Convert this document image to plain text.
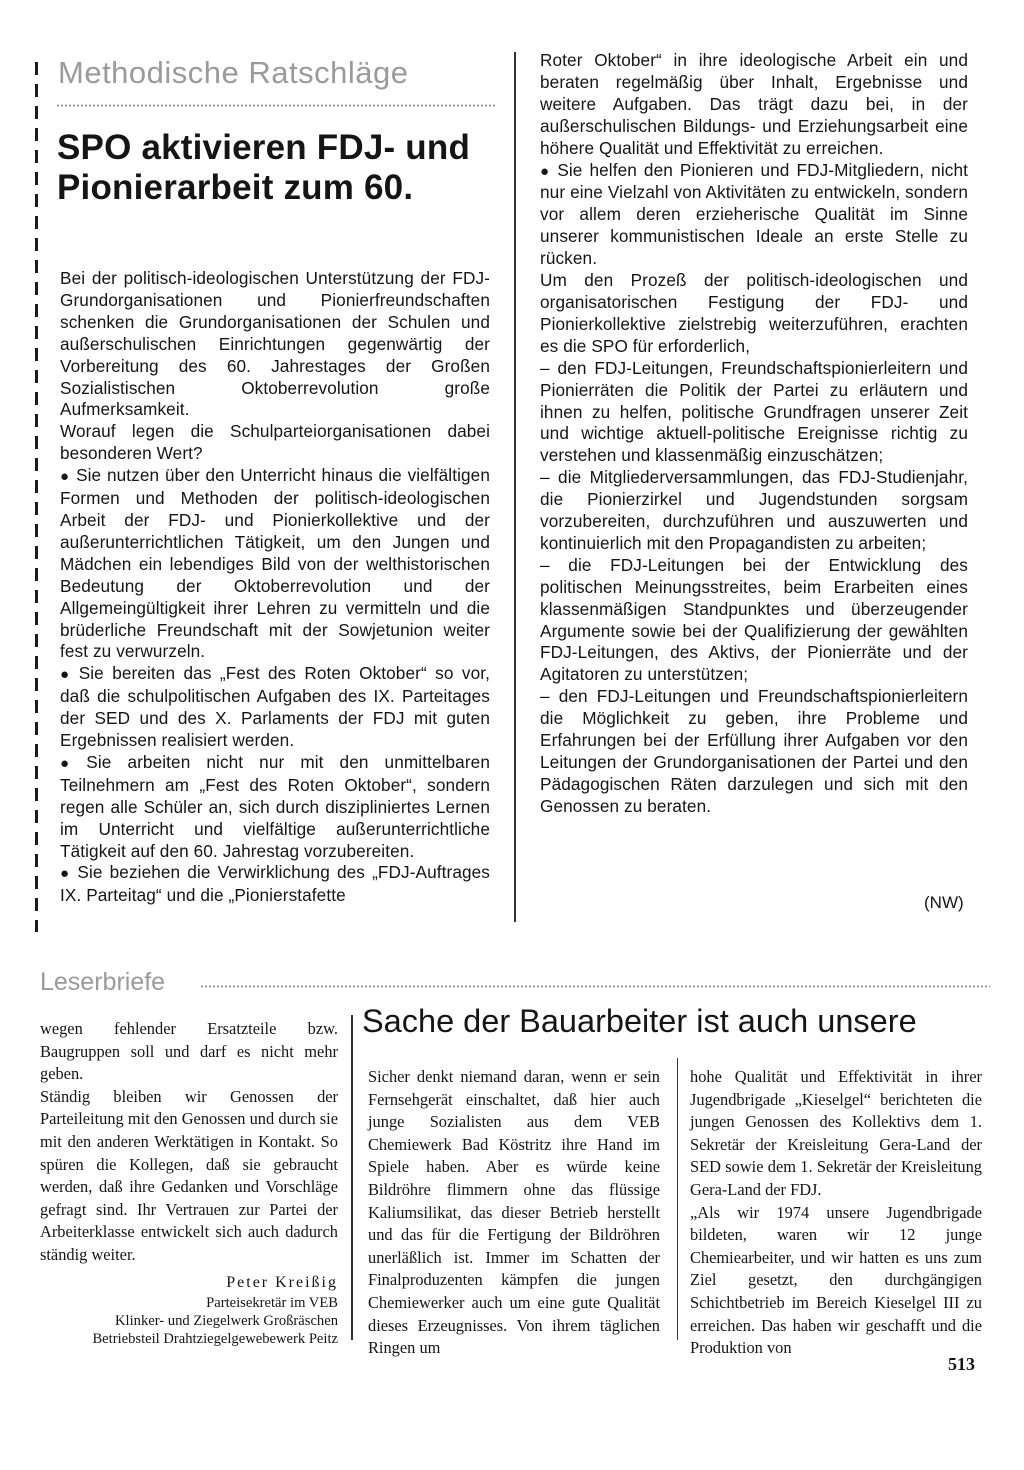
Methodische Ratschläge
SPO aktivieren FDJ- und
Pionierarbeit zum 60.

Bei der politisch-ideologischen Unterstützung der FDJ-Grundorganisationen und Pionierfreundschaften schenken die Grundorganisationen der Schulen und außerschulischen Einrichtungen gegenwärtig der Vorbereitung des 60. Jahrestages der Großen Sozialistischen Oktoberrevolution große Aufmerksamkeit.

Worauf legen die Schulparteiorganisationen dabei besonderen Wert?

● Sie nutzen über den Unterricht hinaus die vielfältigen Formen und Methoden der politisch-ideologischen Arbeit der FDJ- und Pionierkollektive und der außerunterrichtlichen Tätigkeit, um den Jungen und Mädchen ein lebendiges Bild von der welthistorischen Bedeutung der Oktoberrevolution und der Allgemeingültigkeit ihrer Lehren zu vermitteln und die brüderliche Freundschaft mit der Sowjetunion weiter fest zu verwurzeln.

● Sie bereiten das „Fest des Roten Oktober“ so vor, daß die schulpolitischen Aufgaben des IX. Parteitages der SED und des X. Parlaments der FDJ mit guten Ergebnissen realisiert werden.

● Sie arbeiten nicht nur mit den unmittelbaren Teilnehmern am „Fest des Roten Oktober“, sondern regen alle Schüler an, sich durch diszipliniertes Lernen im Unterricht und vielfältige außerunterrichtliche Tätigkeit auf den 60. Jahrestag vorzubereiten.

● Sie beziehen die Verwirklichung des „FDJ-Auftrages IX. Parteitag“ und die „Pionierstafette

Roter Oktober“ in ihre ideologische Arbeit ein und beraten regelmäßig über Inhalt, Ergebnisse und weitere Aufgaben. Das trägt dazu bei, in der außerschulischen Bildungs- und Erziehungsarbeit eine höhere Qualität und Effektivität zu erreichen.

● Sie helfen den Pionieren und FDJ-Mitgliedern, nicht nur eine Vielzahl von Aktivitäten zu entwickeln, sondern vor allem deren erzieherische Qualität im Sinne unserer kommunistischen Ideale an erste Stelle zu rücken.

Um den Prozeß der politisch-ideologischen und organisatorischen Festigung der FDJ- und Pionierkollektive zielstrebig weiterzuführen, erachten es die SPO für erforderlich,

– den FDJ-Leitungen, Freundschaftspionierleitern und Pionierräten die Politik der Partei zu erläutern und ihnen zu helfen, politische Grundfragen unserer Zeit und wichtige aktuell-politische Ereignisse richtig zu verstehen und klassenmäßig einzuschätzen;

– die Mitgliederversammlungen, das FDJ-Studienjahr, die Pionierzirkel und Jugendstunden sorgsam vorzubereiten, durchzuführen und auszuwerten und kontinuierlich mit den Propagandisten zu arbeiten;

– die FDJ-Leitungen bei der Entwicklung des politischen Meinungsstreites, beim Erarbeiten eines klassenmäßigen Standpunktes und überzeugender Argumente sowie bei der Qualifizierung der gewählten FDJ-Leitungen, des Aktivs, der Pionierräte und der Agitatoren zu unterstützen;

– den FDJ-Leitungen und Freundschaftspionierleitern die Möglichkeit zu geben, ihre Probleme und Erfahrungen bei der Erfüllung ihrer Aufgaben vor den Leitungen der Grundorganisationen der Partei und den Pädagogischen Räten darzulegen und sich mit den Genossen zu beraten.

(NW)
Leserbriefe

wegen fehlender Ersatzteile bzw. Baugruppen soll und darf es nicht mehr geben.

Ständig bleiben wir Genossen der Parteileitung mit den Genossen und durch sie mit den anderen Werktätigen in Kontakt. So spüren die Kollegen, daß sie gebraucht werden, daß ihre Gedanken und Vorschläge gefragt sind. Ihr Vertrauen zur Partei der Arbeiterklasse entwickelt sich auch dadurch ständig weiter.

Peter Kreißig
Parteisekretär im VEB
Klinker- und Ziegelwerk Großräschen
Betriebsteil Drahtziegelgewebewerk Peitz
Sache der Bauarbeiter ist auch unsere

Sicher denkt niemand daran, wenn er sein Fernsehgerät einschaltet, daß hier auch junge Sozialisten aus dem VEB Chemiewerk Bad Köstritz ihre Hand im Spiele haben. Aber es würde keine Bildröhre flimmern ohne das flüssige Kaliumsilikat, das dieser Betrieb herstellt und das für die Fertigung der Bildröhren unerläßlich ist. Immer im Schatten der Finalproduzenten kämpfen die jungen Chemiewerker auch um eine gute Qualität dieses Erzeugnisses. Von ihrem täglichen Ringen um

hohe Qualität und Effektivität in ihrer Jugendbrigade „Kieselgel“ berichteten die jungen Genossen des Kollektivs dem 1. Sekretär der Kreisleitung Gera-Land der SED sowie dem 1. Sekretär der Kreisleitung Gera-Land der FDJ.

„Als wir 1974 unsere Jugendbrigade bildeten, waren wir 12 junge Chemiearbeiter, und wir hatten es uns zum Ziel gesetzt, den durchgängigen Schichtbetrieb im Bereich Kieselgel III zu erreichen. Das haben wir geschafft und die Produktion von

513
